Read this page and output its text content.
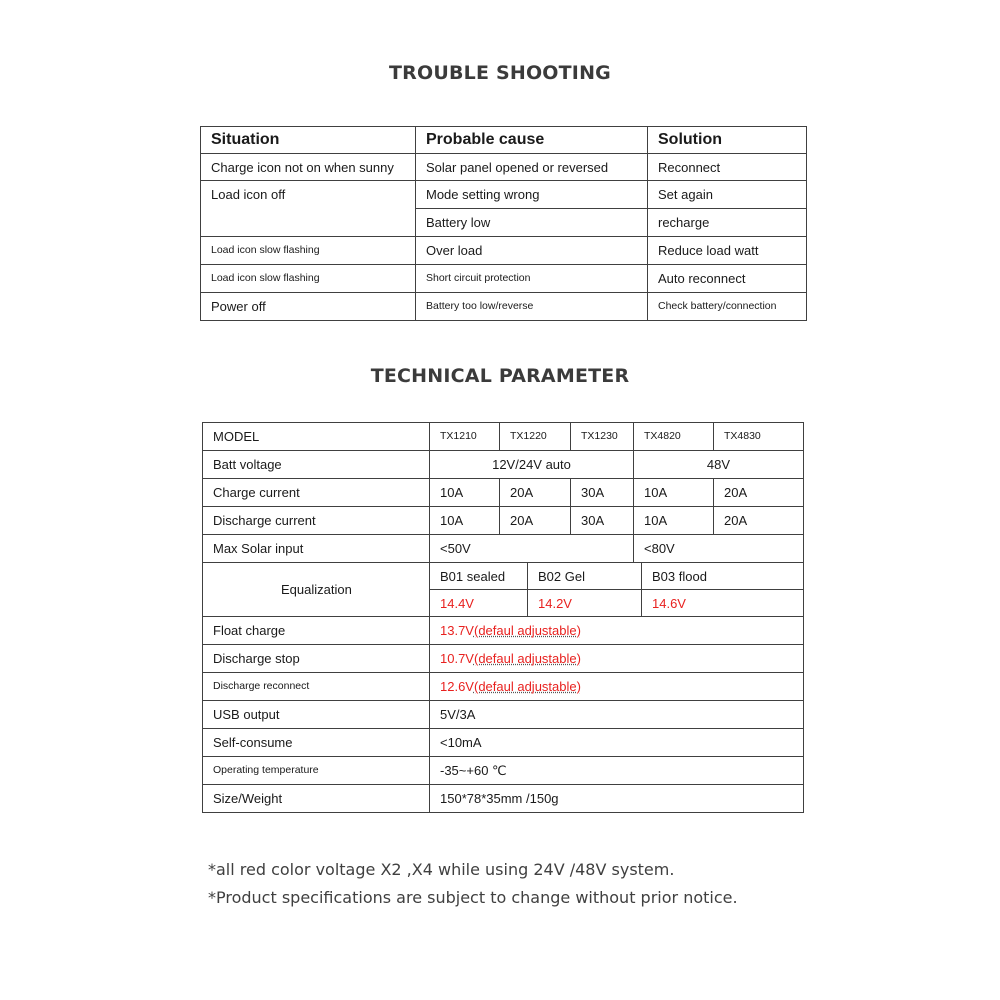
TROUBLE SHOOTING
Situation	Probable cause	Solution
Charge icon not on when sunny	Solar panel opened or reversed	Reconnect
Load icon off	Mode setting wrong	Set again
	Battery low	recharge
Load icon slow flashing	Over load	Reduce load watt
Load icon slow flashing	Short circuit protection	Auto reconnect
Power off	Battery too low/reverse	Check battery/connection
TECHNICAL PARAMETER
MODEL	TX1210	TX1220		TX1230	TX4820		TX4830
Batt voltage	12V/24V auto				48V		
Charge current	10A	20A		30A	10A		20A
Discharge current	10A	20A		30A	10A		20A
Max Solar input	<50V				<80V		
Equalization	B01 sealed		B02 Gel			B03 flood	
	14.4V		14.2V			14.6V	
Float charge	13.7V(defaul adjustable)						
Discharge stop	10.7V(defaul adjustable)						
Discharge reconnect	12.6V(defaul adjustable)						
USB output	5V/3A						
Self-consume	<10mA						
Operating temperature	-35~+60 ℃						
Size/Weight	150*78*35mm /150g						

*all red color voltage X2 ,X4 while using 24V /48V system.

*Product specifications are subject to change without prior notice.
